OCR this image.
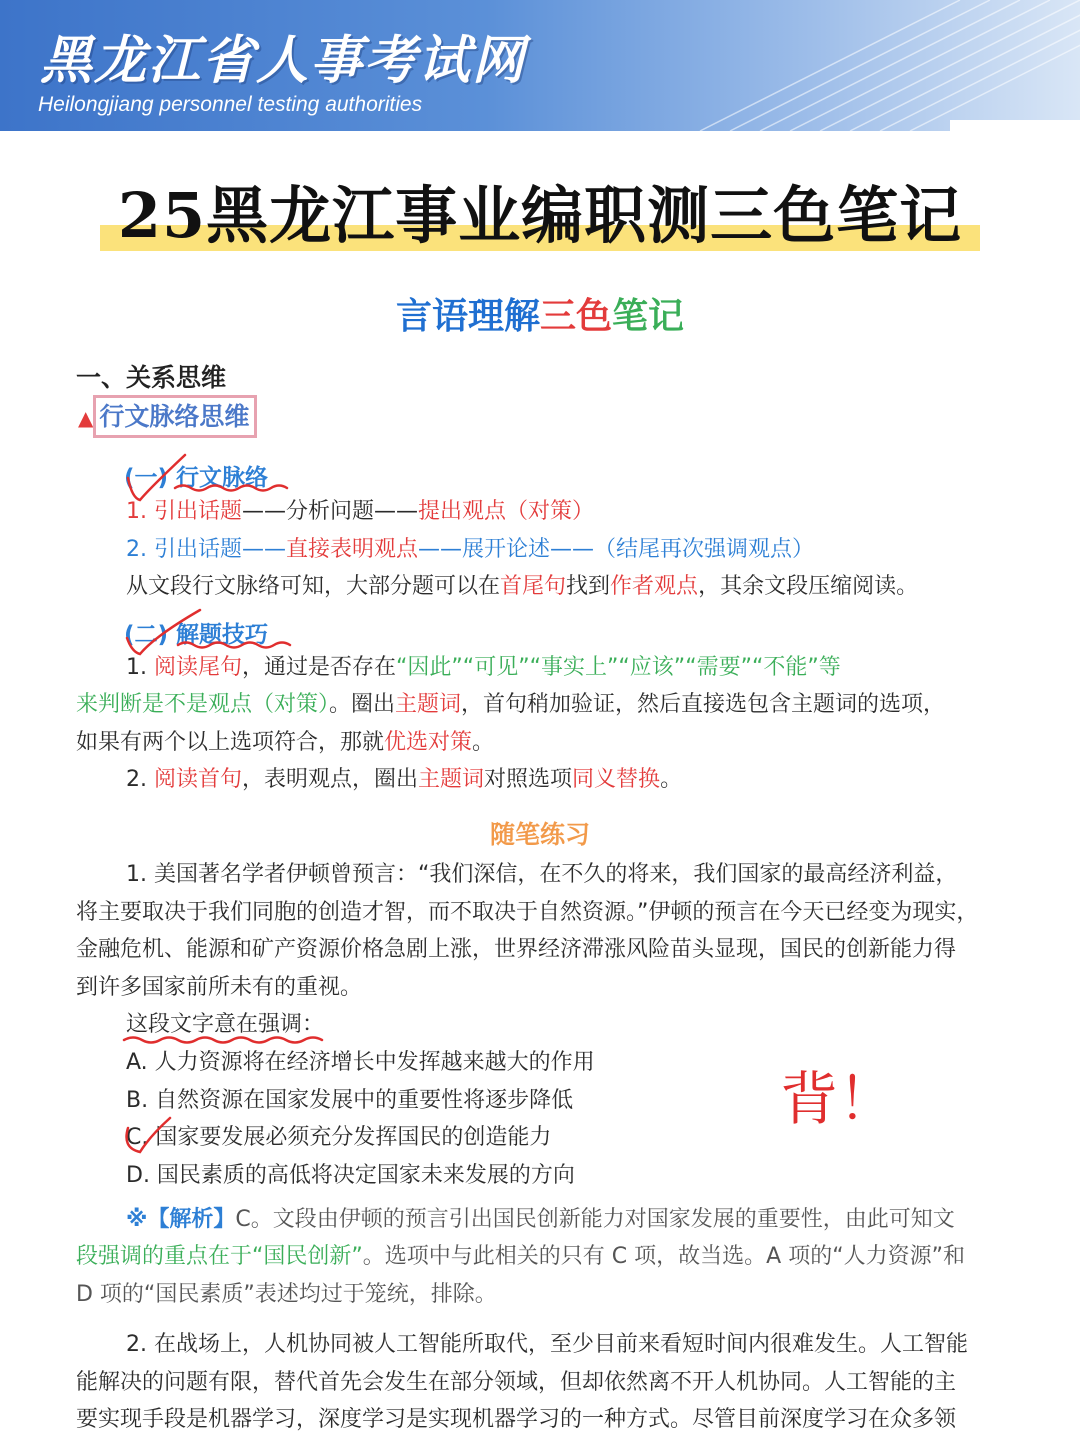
黑龙江省人事考试网
Heilongjiang personnel testing authorities
25黑龙江事业编职测三色笔记
言语理解三色笔记
一、关系思维
▲ 行文脉络思维
(一) 行文脉络
1. 引出话题——分析问题——提出观点（对策）
2. 引出话题——直接表明观点——展开论述——（结尾再次强调观点）
从文段行文脉络可知，大部分题可以在首尾句找到作者观点，其余文段压缩阅读。
(二) 解题技巧
1. 阅读尾句，通过是否存在“因此”“可见”“事实上”“应该”“需要”“不能”等
来判断是不是观点（对策）。圈出主题词，首句稍加验证，然后直接选包含主题词的选项，
如果有两个以上选项符合，那就优选对策。
2. 阅读首句，表明观点，圈出主题词对照选项同义替换。
随笔练习
1. 美国著名学者伊顿曾预言：“我们深信，在不久的将来，我们国家的最高经济利益，
将主要取决于我们同胞的创造才智，而不取决于自然资源。”伊顿的预言在今天已经变为现实，
金融危机、能源和矿产资源价格急剧上涨，世界经济滞涨风险苗头显现，国民的创新能力得
到许多国家前所未有的重视。
这段文字意在强调：
A. 人力资源将在经济增长中发挥越来越大的作用
B. 自然资源在国家发展中的重要性将逐步降低
C. 国家要发展必须充分发挥国民的创造能力
D. 国民素质的高低将决定国家未来发展的方向
背！
※【解析】C。文段由伊顿的预言引出国民创新能力对国家发展的重要性，由此可知文
段强调的重点在于“国民创新”。选项中与此相关的只有 C 项，故当选。A 项的“人力资源”和
D 项的“国民素质”表述均过于笼统，排除。
2. 在战场上，人机协同被人工智能所取代，至少目前来看短时间内很难发生。人工智能
能解决的问题有限，替代首先会发生在部分领域，但却依然离不开人机协同。人工智能的主
要实现手段是机器学习，深度学习是实现机器学习的一种方式。尽管目前深度学习在众多领
